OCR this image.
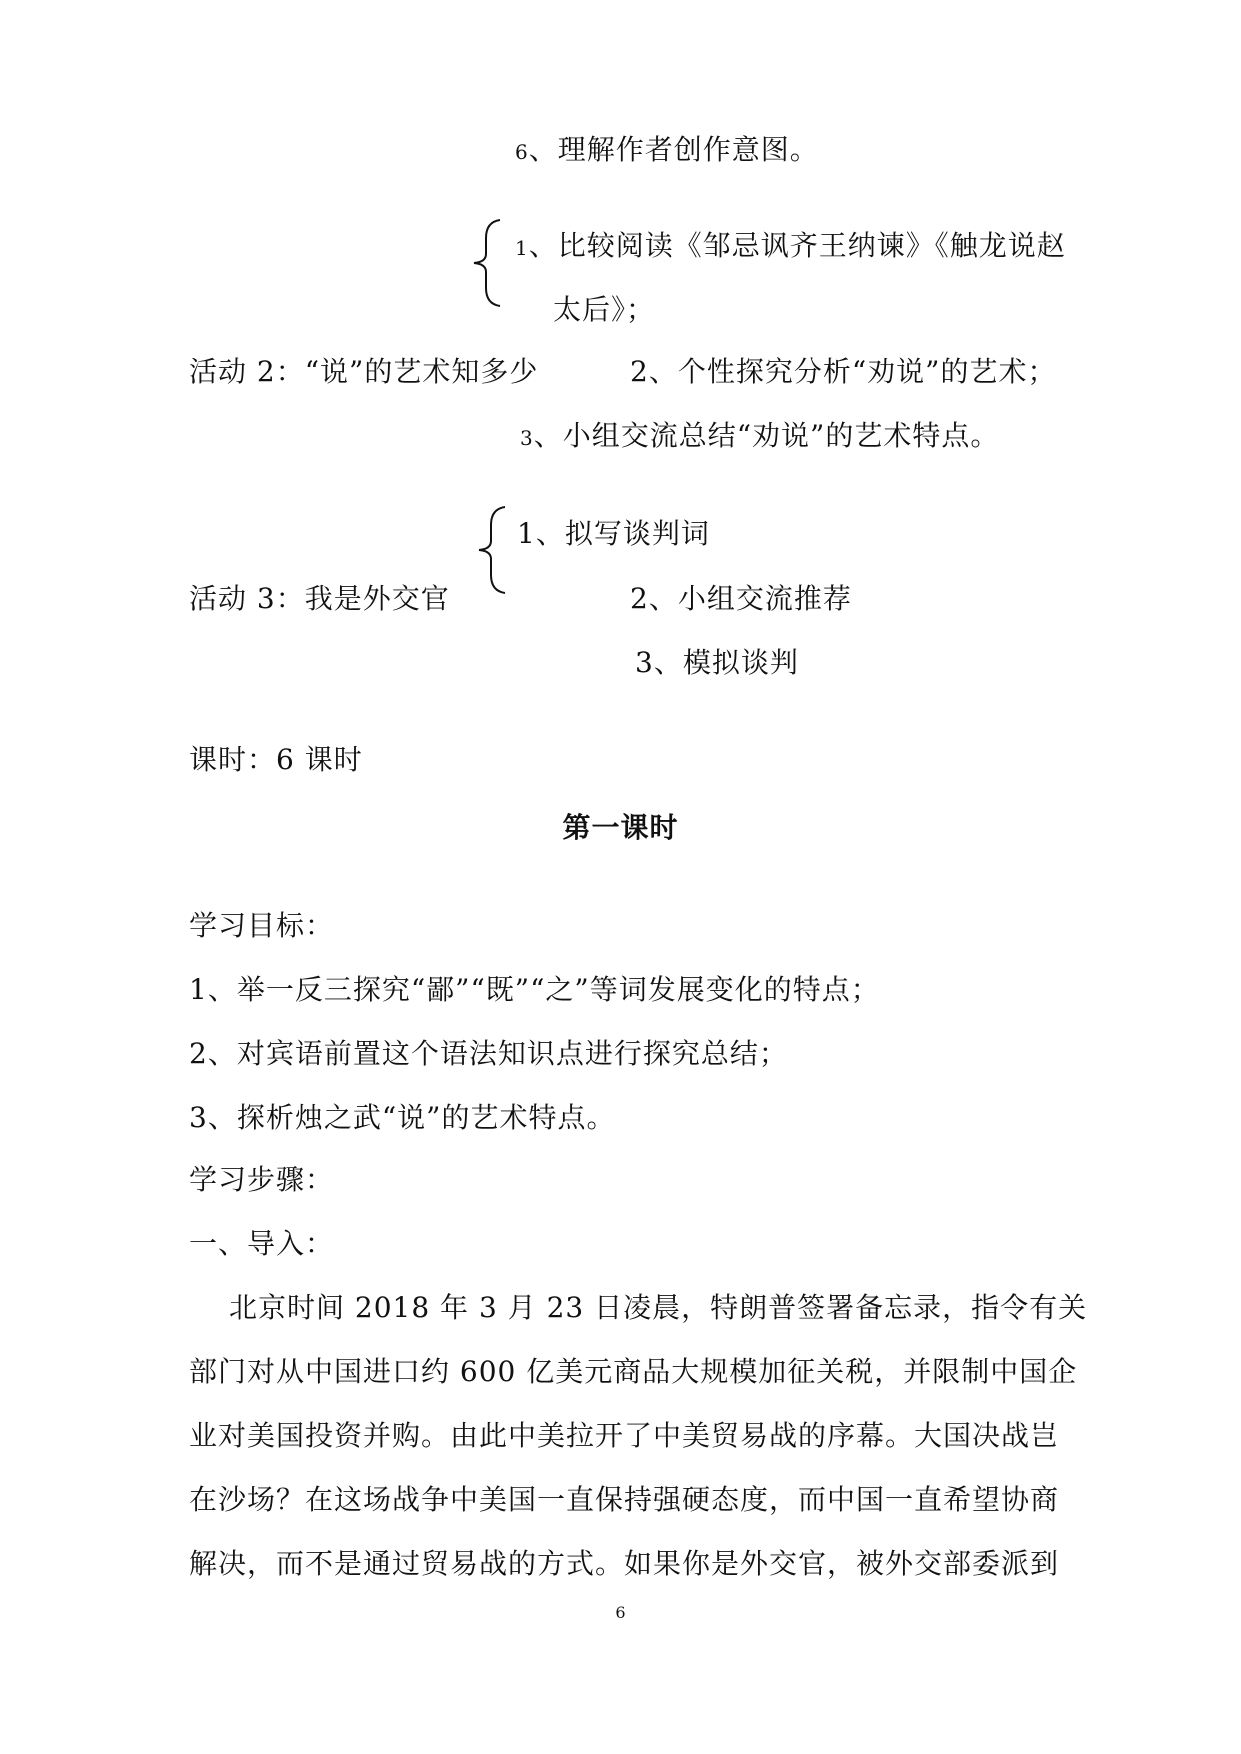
6、理解作者创作意图。
1、比较阅读《邹忌讽齐王纳谏》《触龙说赵
太后》；
活动 2：“说”的艺术知多少	2、个性探究分析“劝说”的艺术；
3、小组交流总结“劝说”的艺术特点。
1、拟写谈判词
活动 3：我是外交官	2、小组交流推荐
3、模拟谈判
课时：6 课时
第一课时
学习目标：
1、举一反三探究“鄙”“既”“之”等词发展变化的特点；
2、对宾语前置这个语法知识点进行探究总结；
3、探析烛之武“说”的艺术特点。
学习步骤：
一、导入：
北京时间 2018 年 3 月 23 日凌晨，特朗普签署备忘录，指令有关
部门对从中国进口约 600 亿美元商品大规模加征关税，并限制中国企
业对美国投资并购。由此中美拉开了中美贸易战的序幕。大国决战岂
在沙场？在这场战争中美国一直保持强硬态度，而中国一直希望协商
解决，而不是通过贸易战的方式。如果你是外交官，被外交部委派到
6
